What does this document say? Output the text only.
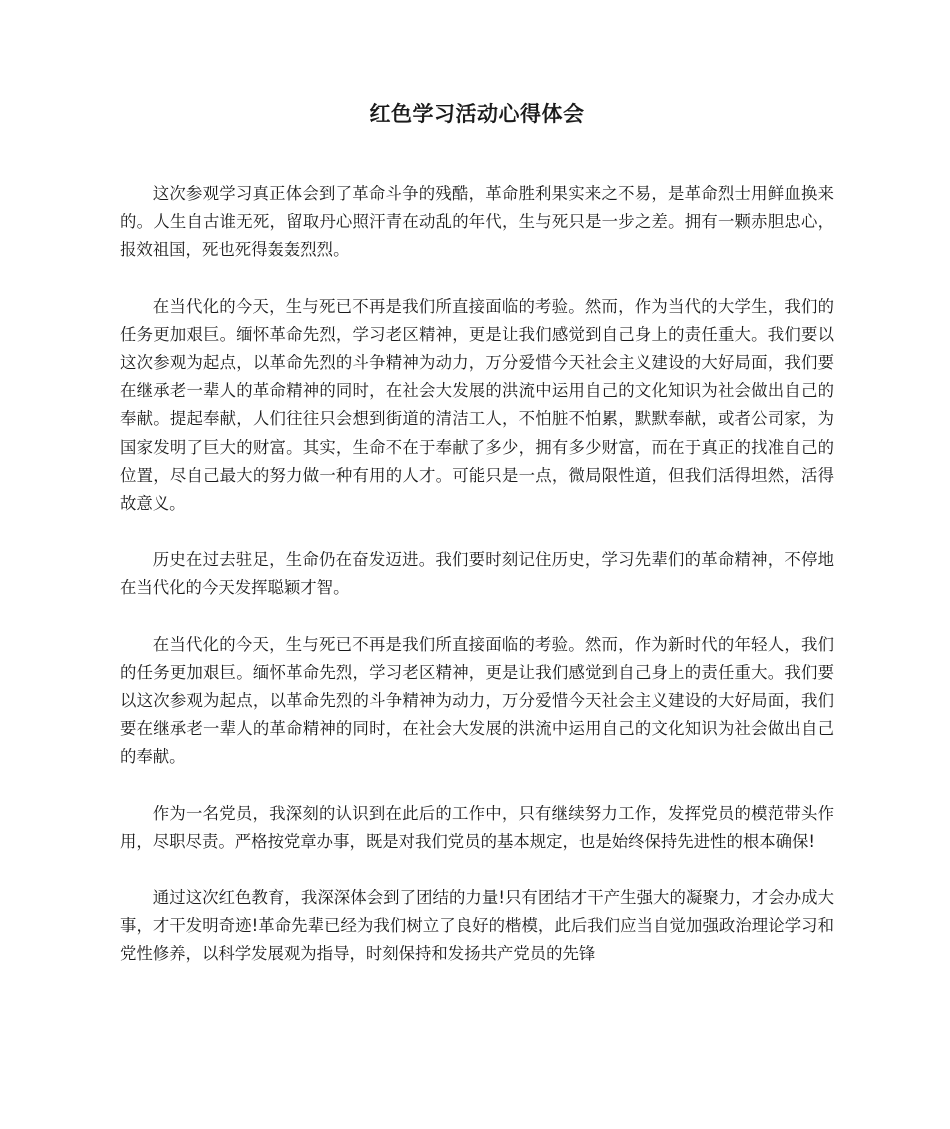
红色学习活动心得体会

这次参观学习真正体会到了革命斗争的残酷，革命胜利果实来之不易，是革命烈士用鲜血换来的。人生自古谁无死，留取丹心照汗青在动乱的年代，生与死只是一步之差。拥有一颗赤胆忠心，报效祖国，死也死得轰轰烈烈。

在当代化的今天，生与死已不再是我们所直接面临的考验。然而，作为当代的大学生，我们的任务更加艰巨。缅怀革命先烈，学习老区精神，更是让我们感觉到自己身上的责任重大。我们要以这次参观为起点，以革命先烈的斗争精神为动力，万分爱惜今天社会主义建设的大好局面，我们要在继承老一辈人的革命精神的同时，在社会大发展的洪流中运用自己的文化知识为社会做出自己的奉献。提起奉献，人们往往只会想到街道的清洁工人，不怕脏不怕累，默默奉献，或者公司家，为国家发明了巨大的财富。其实，生命不在于奉献了多少，拥有多少财富，而在于真正的找准自己的位置，尽自己最大的努力做一种有用的人才。可能只是一点，微局限性道，但我们活得坦然，活得故意义。

历史在过去驻足，生命仍在奋发迈进。我们要时刻记住历史，学习先辈们的革命精神，不停地在当代化的今天发挥聪颖才智。

在当代化的今天，生与死已不再是我们所直接面临的考验。然而，作为新时代的年轻人，我们的任务更加艰巨。缅怀革命先烈，学习老区精神，更是让我们感觉到自己身上的责任重大。我们要以这次参观为起点，以革命先烈的斗争精神为动力，万分爱惜今天社会主义建设的大好局面，我们要在继承老一辈人的革命精神的同时，在社会大发展的洪流中运用自己的文化知识为社会做出自己的奉献。

作为一名党员，我深刻的认识到在此后的工作中，只有继续努力工作，发挥党员的模范带头作用，尽职尽责。严格按党章办事，既是对我们党员的基本规定，也是始终保持先进性的根本确保!

通过这次红色教育，我深深体会到了团结的力量!只有团结才干产生强大的凝聚力，才会办成大事，才干发明奇迹!革命先辈已经为我们树立了良好的楷模，此后我们应当自觉加强政治理论学习和党性修养，以科学发展观为指导，时刻保持和发扬共产党员的先锋
